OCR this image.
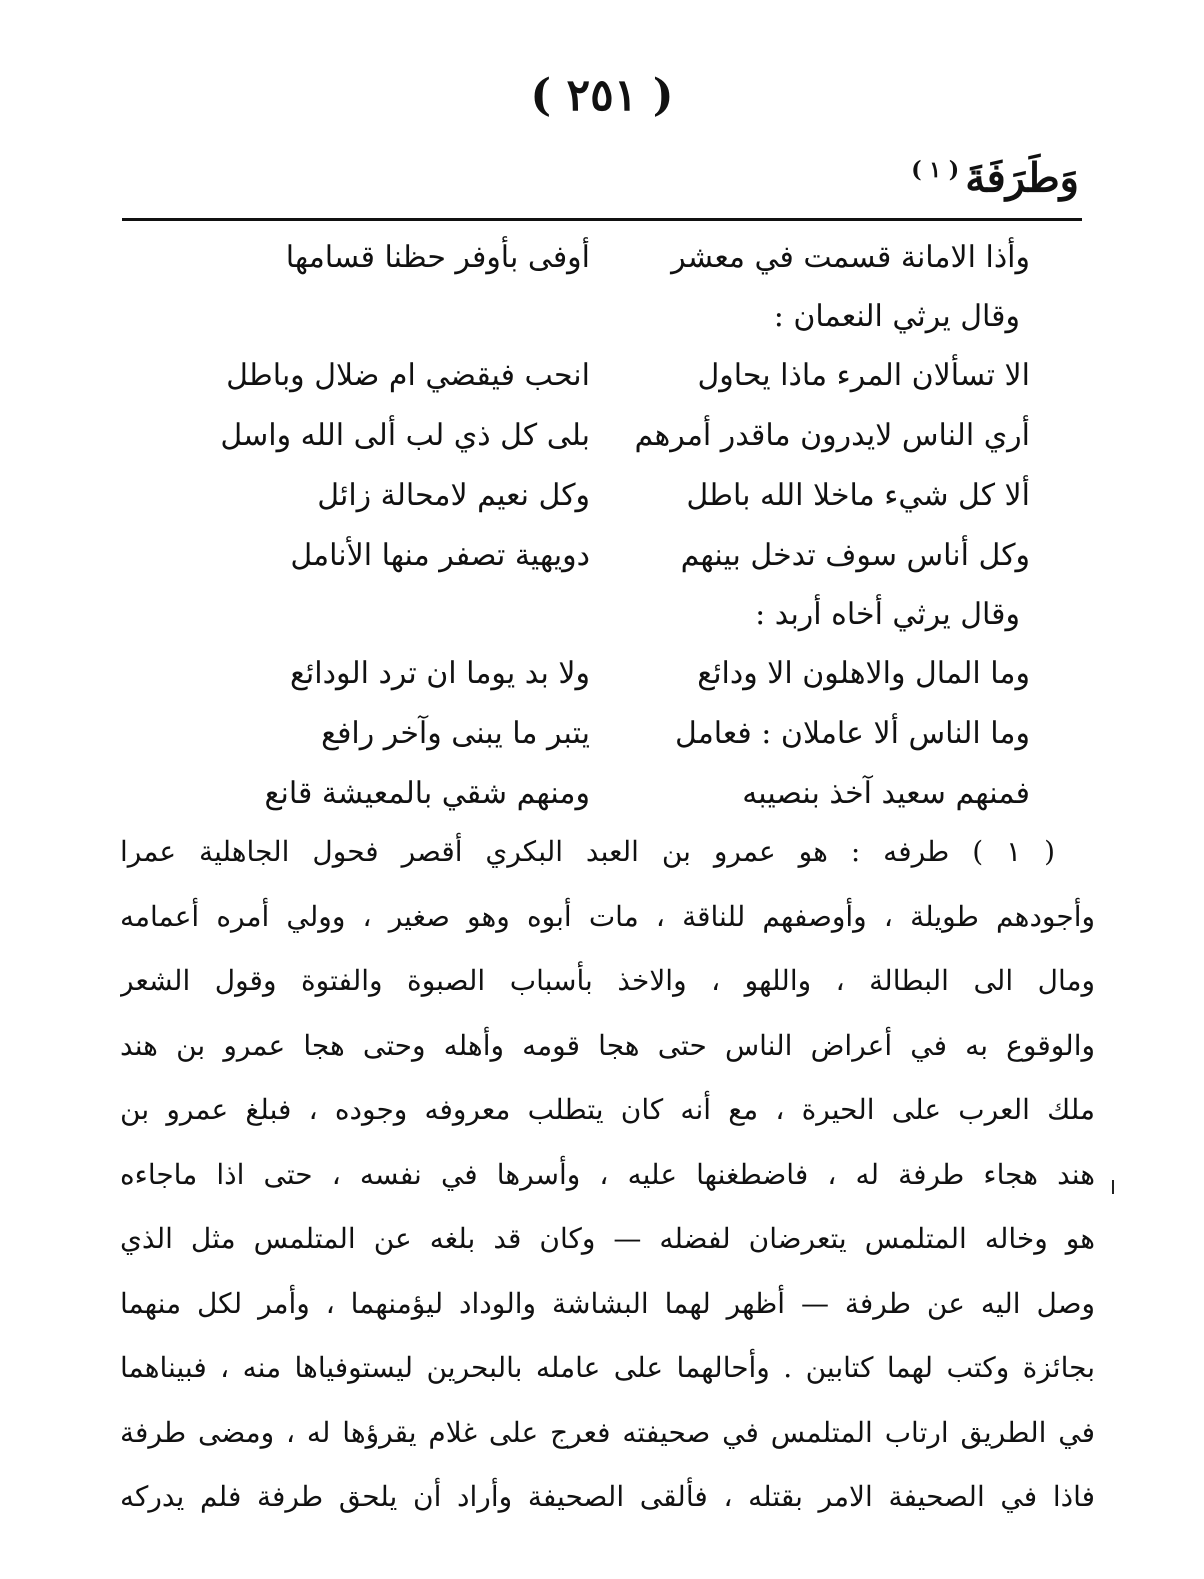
( ٢٥١ )
وَطَرَفَةَ$^{( ١ )}$
وأذا الامانة قسمت في معشر
أوفى بأوفر حظنا قسامها
وقال يرثي النعمان :
الا تسألان المرء ماذا يحاول
انحب فيقضي ام ضلال وباطل
أري الناس لايدرون ماقدر أمرهم
بلى كل ذي لب ألى الله واسل
ألا كل شيء ماخلا الله باطل
وكل نعيم لامحالة زائل
وكل أناس سوف تدخل بينهم
دويهية تصفر منها الأنامل
وقال يرثي أخاه أربد :
وما المال والاهلون الا ودائع
ولا بد يوما ان ترد الودائع
وما الناس ألا عاملان : فعامل
يتبر ما يبنى وآخر رافع
فمنهم سعيد آخذ بنصيبه
ومنهم شقي بالمعيشة قانع
( ١ ) طرفه : هو عمرو بن العبد البكري أقصر فحول الجاهلية عمرا
وأجودهم طويلة ، وأوصفهم للناقة ، مات أبوه وهو صغير ، وولي أمره أعمامه
ومال الى البطالة ، واللهو ، والاخذ بأسباب الصبوة والفتوة وقول الشعر
والوقوع به في أعراض الناس حتى هجا قومه وأهله وحتى هجا عمرو بن هند
ملك العرب على الحيرة ، مع أنه كان يتطلب معروفه وجوده ، فبلغ عمرو بن
هند هجاء طرفة له ، فاضطغنها عليه ، وأسرها في نفسه ، حتى اذا ماجاءه
هو وخاله المتلمس يتعرضان لفضله — وكان قد بلغه عن المتلمس مثل الذي
وصل اليه عن طرفة — أظهر لهما البشاشة والوداد ليؤمنهما ، وأمر لكل منهما
بجائزة وكتب لهما كتابين . وأحالهما على عامله بالبحرين ليستوفياها منه ، فبيناهما
في الطريق ارتاب المتلمس في صحيفته فعرج على غلام يقرؤها له ، ومضى طرفة
فاذا في الصحيفة الامر بقتله ، فألقى الصحيفة وأراد أن يلحق طرفة فلم يدركه
